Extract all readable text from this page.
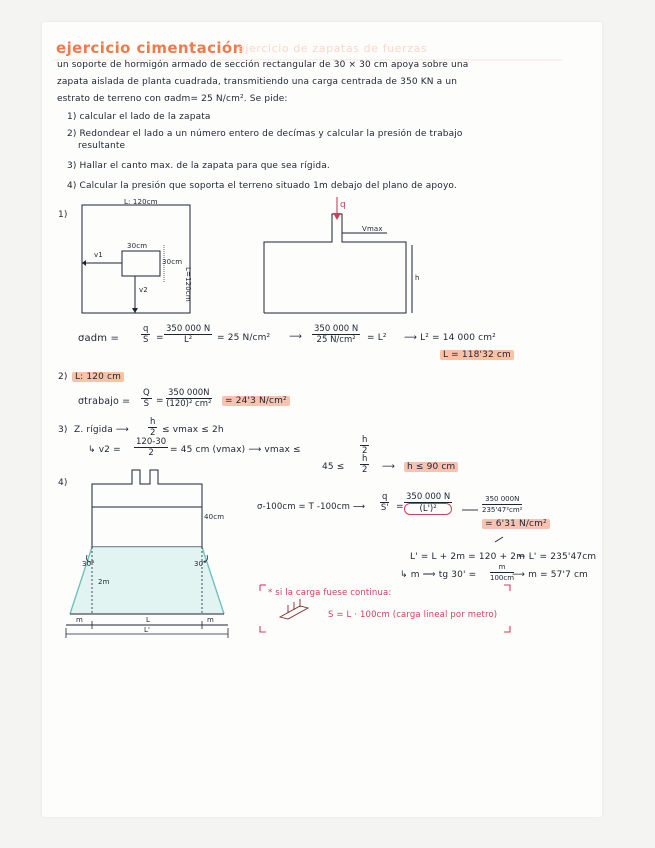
ejercicio cimentación
ejercicio de zapatas de fuerzas
un soporte de hormigón armado de sección rectangular de 30 × 30 cm apoya sobre una
zapata aislada de planta cuadrada, transmitiendo una carga centrada de 350 KN a un
estrato de terreno con σadm= 25 N/cm². Se pide:
1) calcular el lado de la zapata
2) Redondear el lado a un número entero de decímas y calcular la presión de trabajo
resultante
3) Hallar el canto max. de la zapata para que sea rígida.
4) Calcular la presión que soporta el terreno situado 1m debajo del plano de apoyo.
1)
L: 120cm
30cm
30cm
L=120cm
v1
v2
q
Vmax
h
σadm =	$\frac{q}{S} = \frac{350 000 N}{\text{L²}} = 25$ N/cm² ⟶ $\frac{350 000 N}{\text{25 N/cm²}} = L^2$ ⟶ L² = 14 000 cm²
L = 118'32 cm
2) L: 120 cm
σtrabajo = $\frac{Q}{S} = \frac{350 000N}{\text{(120)² cm²}}$	= 24'3 N/cm²
3) Z. rígida ⟶ $\frac{h}{2} \le vmax \le 2h$
↳ $v2 = \frac{120-30}{2} = 45$ cm (vmax) ⟶ vmax ≤	$\frac{h}{2}$
$45 \le \frac{h}{2}$ ⟶	h ≤ 90 cm
4)
40cm
2m
30°	30°
m	L	m
L'
σ-100cm = T -100cm ⟶ $\frac{q}{S'} = \frac{350 000 N}{\text{(L')²}}$	$\frac{350 000N}{\text{235'47²cm²}}$
= 6'31 N/cm²
L' = L + 2m = 120 + 2m
↼ L' = 235'47cm
↳ m ⟹ tg $30' = \frac{m}{100cm}$
⟶ m = 57'7 cm
* si la carga fuese continua:
S = L · 100cm (carga lineal por metro)
